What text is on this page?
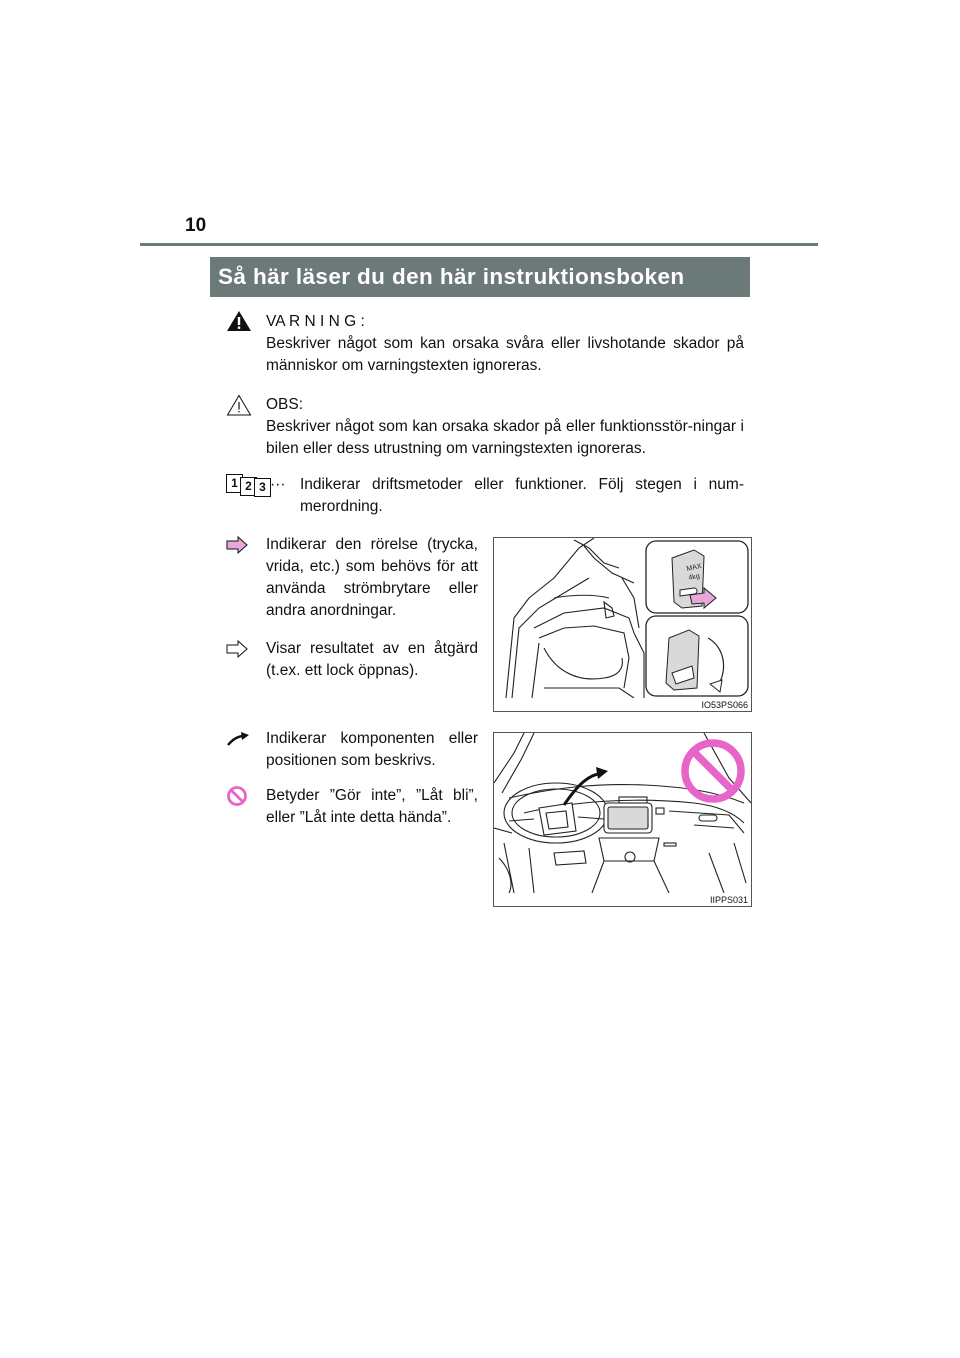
10
Så här läser du den här instruktionsboken
VA R N I N G :
Beskriver något som kan orsaka svåra eller livshotande skador på människor om varningstexten ignoreras.
OBS:
Beskriver något som kan orsaka skador på eller funktionsstör-ningar i bilen eller dess utrustning om varningstexten ignoreras.
1 2 3 ··· Indikerar driftsmetoder eller funktioner. Följ stegen i num-merordning.
Indikerar den rörelse (trycka, vrida, etc.) som behövs för att använda strömbrytare eller andra anordningar.
Visar resultatet av en åtgärd (t.ex. ett lock öppnas).
Indikerar komponenten eller positionen som beskrivs.
Betyder ”Gör inte”, ”Låt bli”, eller ”Låt inte detta hända”.
MAX
4kg
IO53PS066
IIPPS031
